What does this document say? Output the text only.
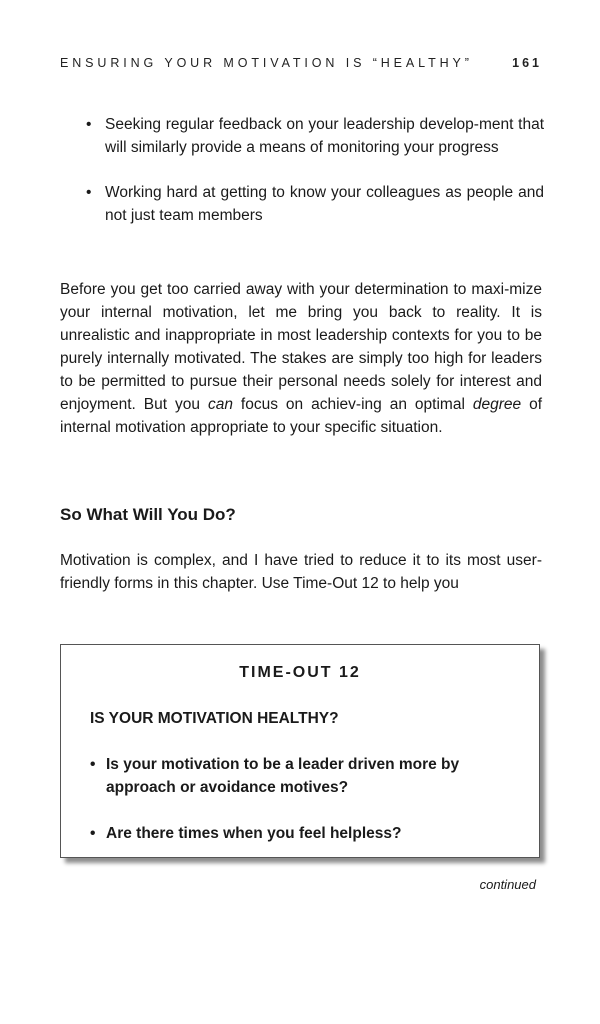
ENSURING YOUR MOTIVATION IS “HEALTHY”	161
• Seeking regular feedback on your leadership develop-ment that will similarly provide a means of monitoring your progress
• Working hard at getting to know your colleagues as people and not just team members

Before you get too carried away with your determination to maxi-mize your internal motivation, let me bring you back to reality. It is unrealistic and inappropriate in most leadership contexts for you to be purely internally motivated. The stakes are simply too high for leaders to be permitted to pursue their personal needs solely for interest and enjoyment. But you can focus on achiev-ing an optimal degree of internal motivation appropriate to your specific situation.

So What Will You Do?

Motivation is complex, and I have tried to reduce it to its most user-friendly forms in this chapter. Use Time-Out 12 to help you

TIME-OUT 12
IS YOUR MOTIVATION HEALTHY?
• Is your motivation to be a leader driven more by approach or avoidance motives?
• Are there times when you feel helpless?
continued
